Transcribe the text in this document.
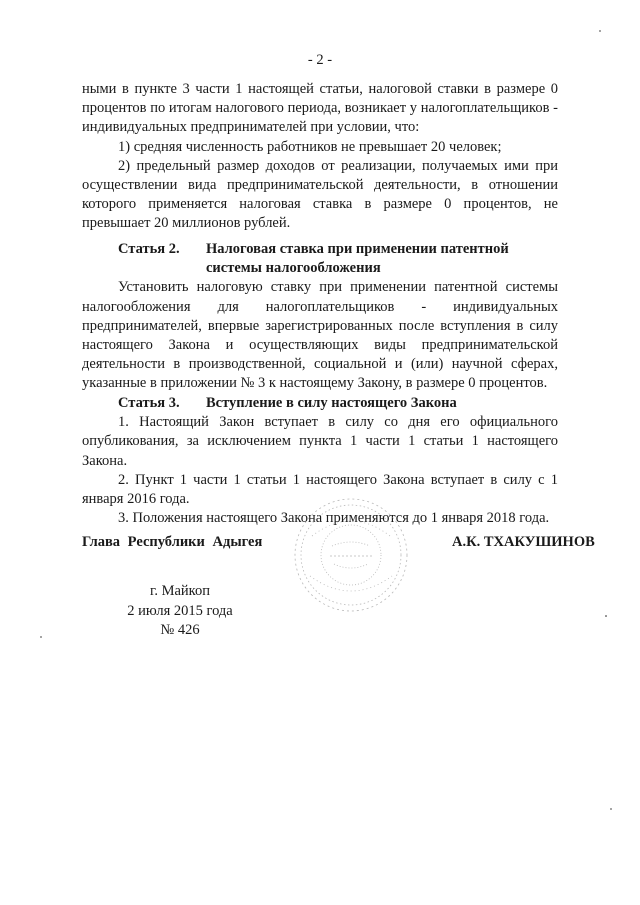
- 2 -

ными в пункте 3 части 1 настоящей статьи, налоговой ставки в размере 0 процентов по итогам налогового периода, возникает у налогоплательщиков - индивидуальных предпринимателей при условии, что:

1) средняя численность работников не превышает 20 человек;

2) предельный размер доходов от реализации, получаемых ими при осуществлении вида предпринимательской деятельности, в отношении которого применяется налоговая ставка в размере 0 процентов, не превышает 20 миллионов рублей.

Статья 2.	Налоговая ставка при применении патентной системы налогообложения

Установить налоговую ставку при применении патентной системы налогообложения для налогоплательщиков - индивидуальных предпринимателей, впервые зарегистрированных после вступления в силу настоящего Закона и осуществляющих виды предпринимательской деятельности в производственной, социальной и (или) научной сферах, указанные в приложении № 3 к настоящему Закону, в размере 0 процентов.

Статья 3.	Вступление в силу настоящего Закона

1. Настоящий Закон вступает в силу со дня его официального опубликования, за исключением пункта 1 части 1 статьи 1 настоящего Закона.

2. Пункт 1 части 1 статьи 1 настоящего Закона вступает в силу с 1 января 2016 года.

3. Положения настоящего Закона применяются до 1 января 2018 года.

Глава Республики Адыгея	А.К. ТХАКУШИНОВ
г. Майкоп
2 июля 2015 года
№ 426
